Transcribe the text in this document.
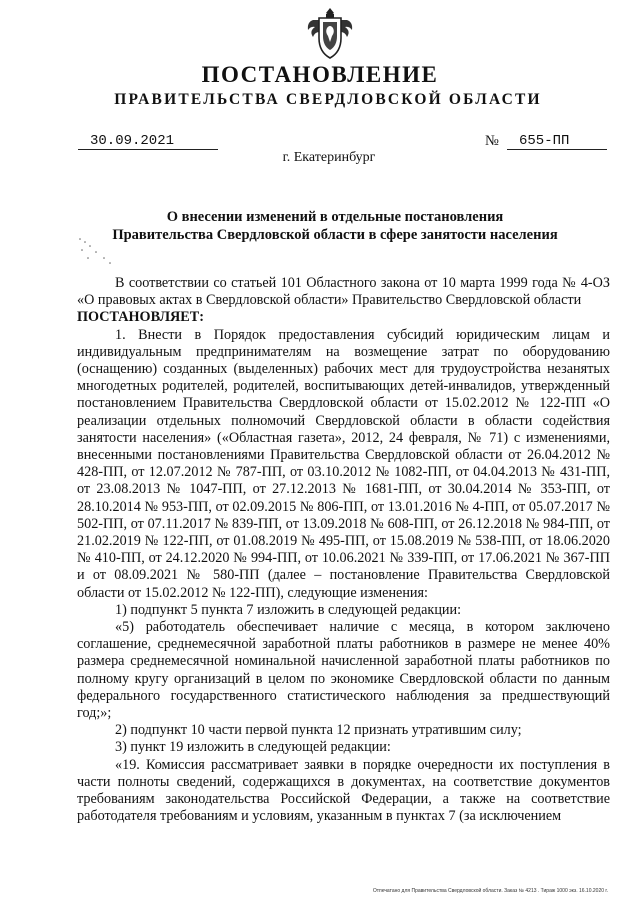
ПОСТАНОВЛЕНИЕ
ПРАВИТЕЛЬСТВА СВЕРДЛОВСКОЙ ОБЛАСТИ
30.09.2021	№	655-ПП
г. Екатеринбург
О внесении изменений в отдельные постановления
Правительства Свердловской области в сфере занятости населения

В соответствии со статьей 101 Областного закона от 10 марта 1999 года № 4-ОЗ «О правовых актах в Свердловской области» Правительство Свердловской области

ПОСТАНОВЛЯЕТ:

1. Внести в Порядок предоставления субсидий юридическим лицам и индивидуальным предпринимателям на возмещение затрат по оборудованию (оснащению) созданных (выделенных) рабочих мест для трудоустройства незанятых многодетных родителей, родителей, воспитывающих детей-инвалидов, утвержденный постановлением Правительства Свердловской области от 15.02.2012 № 122-ПП «О реализации отдельных полномочий Свердловской области в области содействия занятости населения» («Областная газета», 2012, 24 февраля, № 71) с изменениями, внесенными постановлениями Правительства Свердловской области от 26.04.2012 № 428-ПП, от 12.07.2012 № 787-ПП, от 03.10.2012 № 1082-ПП, от 04.04.2013 № 431-ПП, от 23.08.2013 № 1047-ПП, от 27.12.2013 № 1681-ПП, от 30.04.2014 № 353-ПП, от 28.10.2014 № 953-ПП, от 02.09.2015 № 806-ПП, от 13.01.2016 № 4-ПП, от 05.07.2017 № 502-ПП, от 07.11.2017 № 839-ПП, от 13.09.2018 № 608-ПП, от 26.12.2018 № 984-ПП, от 21.02.2019 № 122-ПП, от 01.08.2019 № 495-ПП, от 15.08.2019 № 538-ПП, от 18.06.2020 № 410-ПП, от 24.12.2020 № 994-ПП, от 10.06.2021 № 339-ПП, от 17.06.2021 № 367-ПП и от 08.09.2021 № 580-ПП (далее – постановление Правительства Свердловской области от 15.02.2012 № 122-ПП), следующие изменения:

1) подпункт 5 пункта 7 изложить в следующей редакции:

«5) работодатель обеспечивает наличие с месяца, в котором заключено соглашение, среднемесячной заработной платы работников в размере не менее 40% размера среднемесячной номинальной начисленной заработной платы работников по полному кругу организаций в целом по экономике Свердловской области по данным федерального государственного статистического наблюдения за предшествующий год;»;

2) подпункт 10 части первой пункта 12 признать утратившим силу;

3) пункт 19 изложить в следующей редакции:

«19. Комиссия рассматривает заявки в порядке очередности их поступления в части полноты сведений, содержащихся в документах, на соответствие документов требованиям законодательства Российской Федерации, а также на соответствие работодателя требованиям и условиям, указанным в пунктах 7 (за исключением

Отпечатано для Правительства Свердловской области. Заказ № 4213 . Тираж 1000 экз. 16.10.2020 г.
